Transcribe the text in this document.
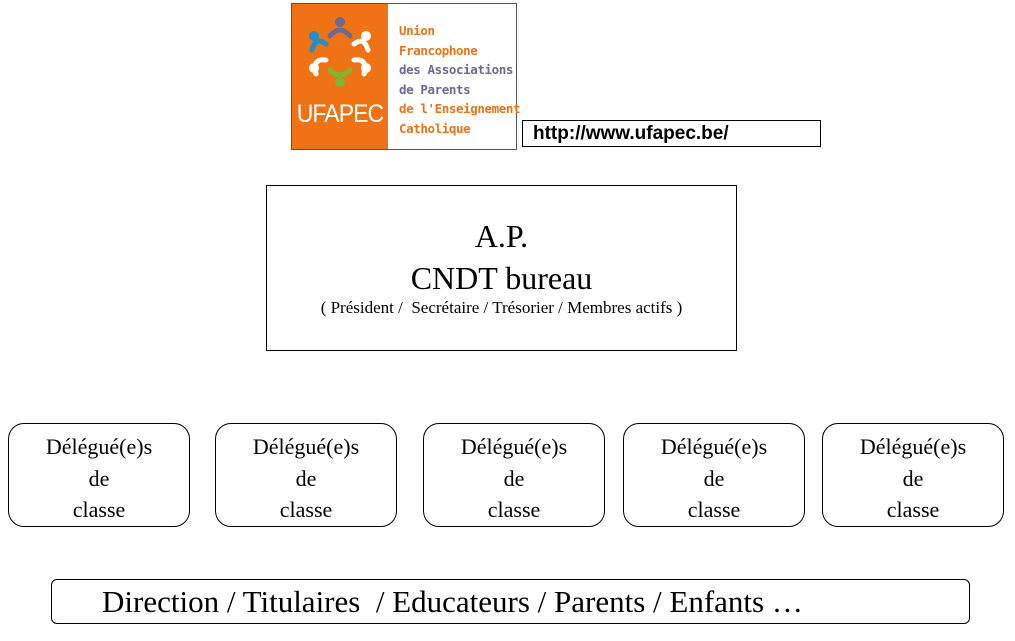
UFAPEC
Union
Francophone
des Associations
de Parents
de l'Enseignement
Catholique	http://www.ufapec.be/
A.P.
CNDT bureau
( Président /  Secrétaire / Trésorier / Membres actifs )
Délégué(e)s
de
classe
Délégué(e)s
de
classe
Délégué(e)s
de
classe
Délégué(e)s
de
classe
Délégué(e)s
de
classe
Direction / Titulaires  / Educateurs / Parents / Enfants …
